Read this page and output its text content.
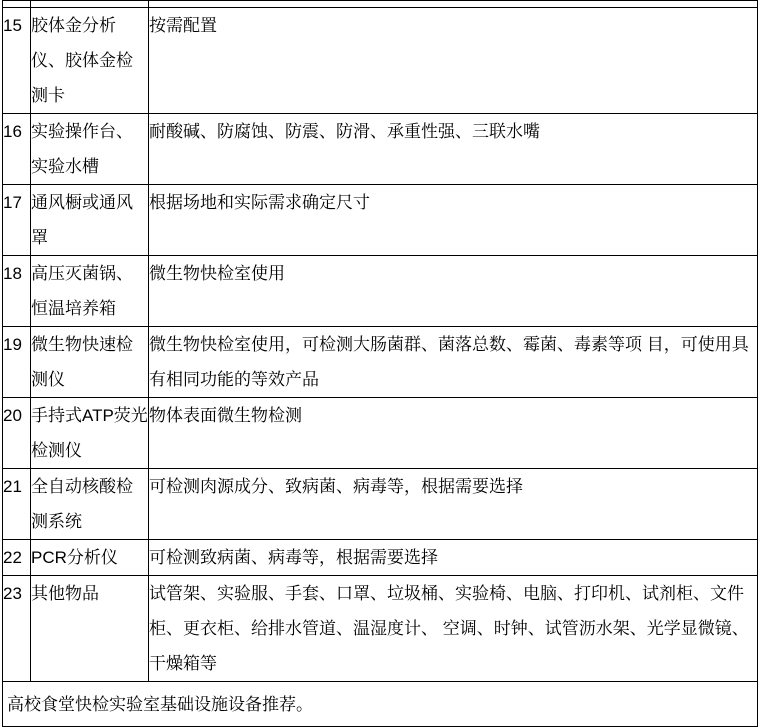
15	胶体金分析仪、胶体金检测卡	按需配置
16	实验操作台、实验水槽	耐酸碱、防腐蚀、防震、防滑、承重性强、三联水嘴
17	通风橱或通风罩	根据场地和实际需求确定尺寸
18	高压灭菌锅、恒温培养箱	微生物快检室使用
19	微生物快速检测仪	微生物快检室使用，可检测大肠菌群、菌落总数、霉菌、毒素等项 目，可使用具有相同功能的等效产品
20	手持式ATP荧光检测仪	物体表面微生物检测
21	全自动核酸检测系统	可检测肉源成分、致病菌、病毒等，根据需要选择
22	PCR分析仪	可检测致病菌、病毒等，根据需要选择
23	其他物品	试管架、实验服、手套、口罩、垃圾桶、实验椅、电脑、打印机、试剂柜、文件柜、更衣柜、给排水管道、温湿度计、 空调、时钟、试管沥水架、光学显微镜、干燥箱等
高校食堂快检实验室基础设施设备推荐。		
